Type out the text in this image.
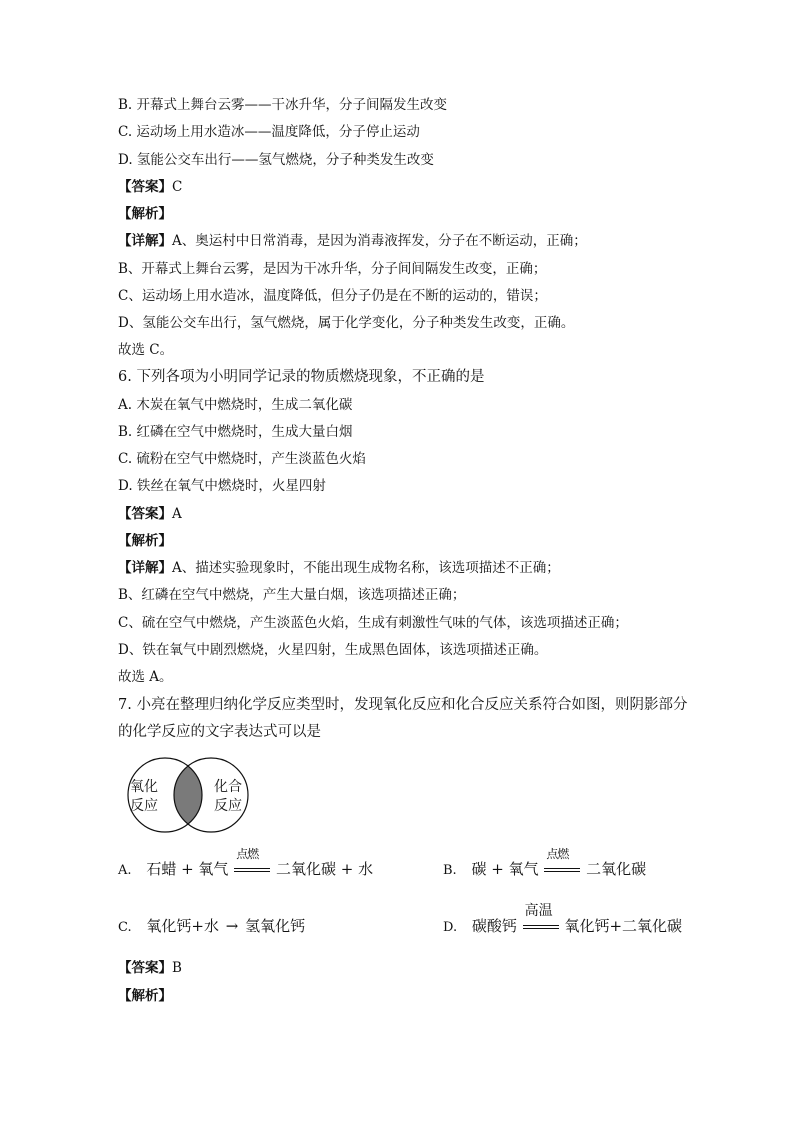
B. 开幕式上舞台云雾——干冰升华，分子间隔发生改变
C. 运动场上用水造冰——温度降低，分子停止运动
D. 氢能公交车出行——氢气燃烧，分子种类发生改变
【答案】C
【解析】
【详解】A、奥运村中日常消毒，是因为消毒液挥发，分子在不断运动，正确；
B、开幕式上舞台云雾，是因为干冰升华，分子间间隔发生改变，正确；
C、运动场上用水造冰，温度降低，但分子仍是在不断的运动的，错误；
D、氢能公交车出行，氢气燃烧，属于化学变化，分子种类发生改变，正确。
故选 C。
6. 下列各项为小明同学记录的物质燃烧现象，不正确的是
A. 木炭在氧气中燃烧时，生成二氧化碳
B. 红磷在空气中燃烧时，生成大量白烟
C. 硫粉在空气中燃烧时，产生淡蓝色火焰
D. 铁丝在氧气中燃烧时，火星四射
【答案】A
【解析】
【详解】A、描述实验现象时，不能出现生成物名称，该选项描述不正确；
B、红磷在空气中燃烧，产生大量白烟，该选项描述正确；
C、硫在空气中燃烧，产生淡蓝色火焰，生成有刺激性气味的气体，该选项描述正确；
D、铁在氧气中剧烈燃烧，火星四射，生成黑色固体，该选项描述正确。
故选 A。
7. 小亮在整理归纳化学反应类型时，发现氧化反应和化合反应关系符合如图，则阴影部分
的化学反应的文字表达式可以是
氧化
反应
化合
反应
A. 石蜡 + 氧气
点燃
二氧化碳 + 水	B. 碳 + 氧气
点燃
二氧化碳
C. 氧化钙+水 → 氢氧化钙	D. 碳酸钙
高温
氧化钙+二氧化碳
【答案】B
【解析】
